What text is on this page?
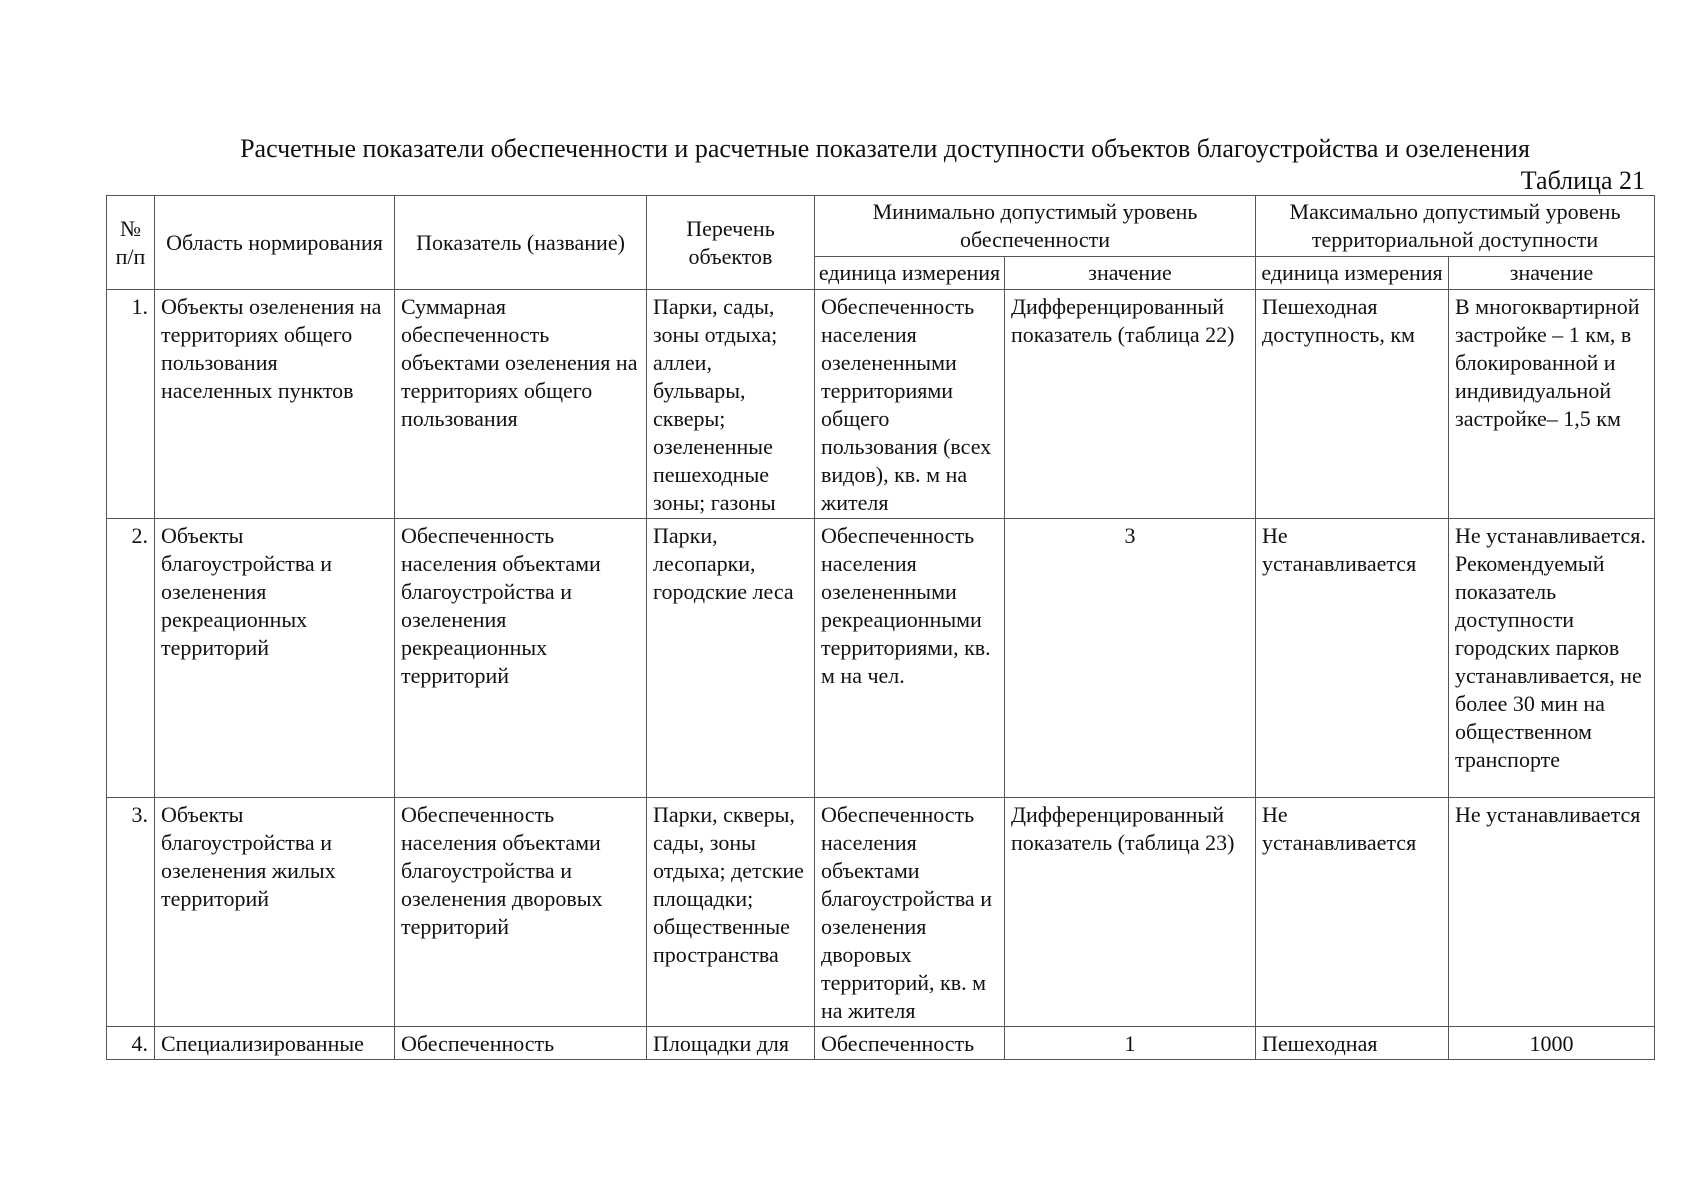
Расчетные показатели обеспеченности и расчетные показатели доступности объектов благоустройства и озеленения
Таблица 21
№ п/п	Область нормирования	Показатель (название)	Перечень объектов	Минимально допустимый уровень обеспеченности		Максимально допустимый уровень территориальной доступности	
				единица измерения	значение	единица измерения	значение
1.	Объекты озеленения на территориях общего пользования населенных пунктов	Суммарная обеспеченность объектами озеленения на территориях общего пользования	Парки, сады, зоны отдыха; аллеи, бульвары, скверы; озелененные пешеходные зоны; газоны	Обеспеченность населения озелененными территориями общего пользования (всех видов), кв. м на жителя	Дифференцированный показатель (таблица 22)	Пешеходная доступность, км	В многоквартирной застройке – 1 км, в блокированной и индивидуальной застройке– 1,5 км
2.	Объекты благоустройства и озеленения рекреационных территорий	Обеспеченность населения объектами благоустройства и озеленения рекреационных территорий	Парки, лесопарки, городские леса	Обеспеченность населения озелененными рекреационными территориями, кв. м на чел.	3	Не устанавливается	Не устанавливается. Рекомендуемый показатель доступности городских парков устанавливается, не более 30 мин на общественном транспорте
3.	Объекты благоустройства и озеленения жилых территорий	Обеспеченность населения объектами благоустройства и озеленения дворовых территорий	Парки, скверы, сады, зоны отдыха; детские площадки; общественные пространства	Обеспеченность населения объектами благоустройства и озеленения дворовых территорий, кв. м на жителя	Дифференцированный показатель (таблица 23)	Не устанавливается	Не устанавливается
4.	Специализированные	Обеспеченность	Площадки для	Обеспеченность	1	Пешеходная	1000
